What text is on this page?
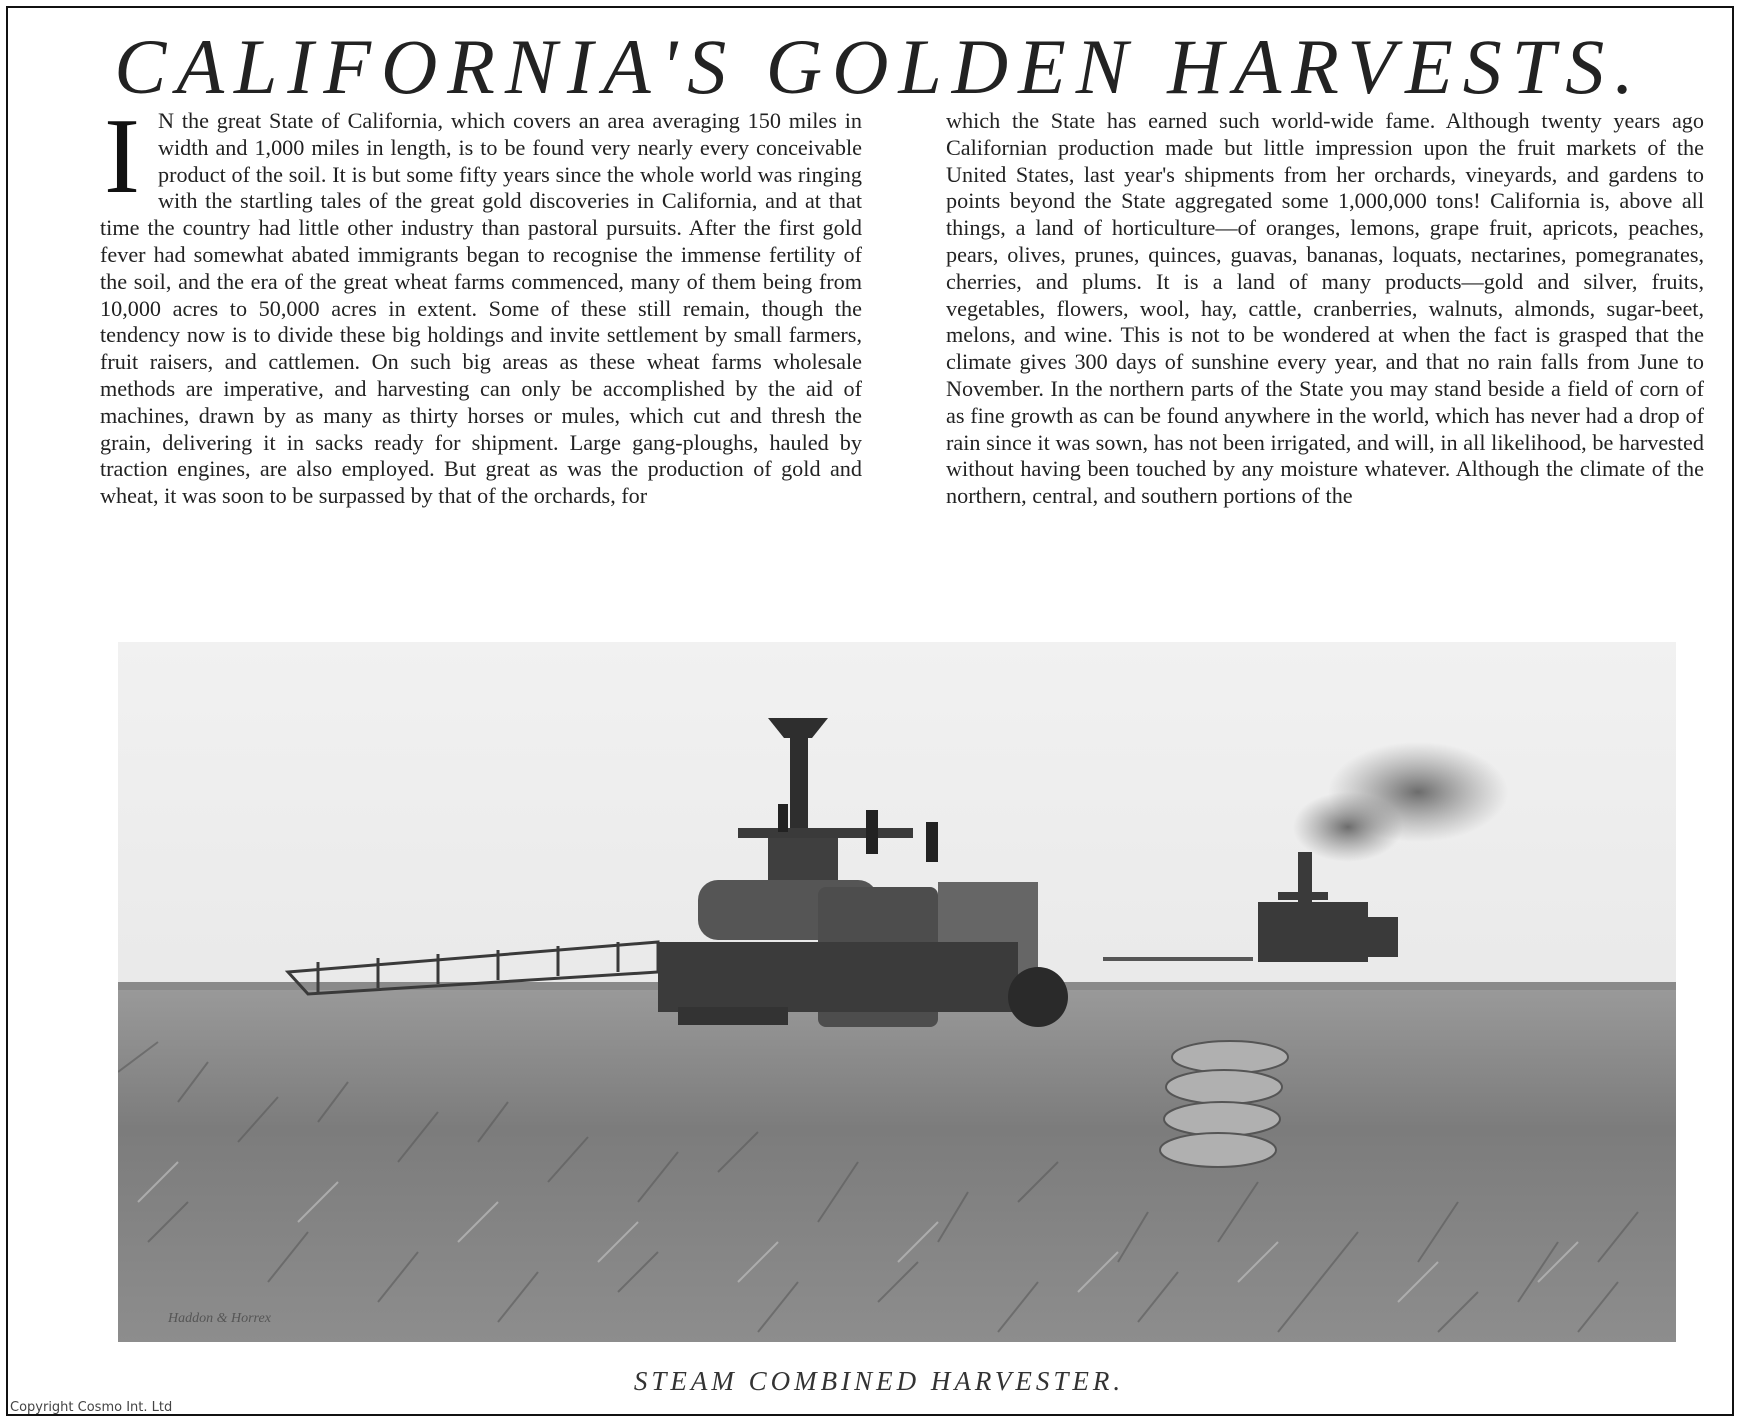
CALIFORNIA'S GOLDEN HARVESTS.
I N the great State of California, which covers an area averaging 150 miles in width and 1,000 miles in length, is to be found very nearly every conceivable product of the soil. It is but some fifty years since the whole world was ringing with the startling tales of the great gold discoveries in California, and at that time the country had little other industry than pastoral pursuits. After the first gold fever had somewhat abated immigrants began to recognise the immense fertility of the soil, and the era of the great wheat farms commenced, many of them being from 10,000 acres to 50,000 acres in extent. Some of these still remain, though the tendency now is to divide these big holdings and invite settlement by small farmers, fruit raisers, and cattlemen. On such big areas as these wheat farms wholesale methods are imperative, and harvesting can only be accomplished by the aid of machines, drawn by as many as thirty horses or mules, which cut and thresh the grain, delivering it in sacks ready for shipment. Large gang-ploughs, hauled by traction engines, are also employed. But great as was the production of gold and wheat, it was soon to be surpassed by that of the orchards, for
which the State has earned such world-wide fame. Although twenty years ago Californian production made but little impression upon the fruit markets of the United States, last year's shipments from her orchards, vineyards, and gardens to points beyond the State aggregated some 1,000,000 tons! California is, above all things, a land of horticulture—of oranges, lemons, grape fruit, apricots, peaches, pears, olives, prunes, quinces, guavas, bananas, loquats, nectarines, pomegranates, cherries, and plums. It is a land of many products—gold and silver, fruits, vegetables, flowers, wool, hay, cattle, cranberries, walnuts, almonds, sugar-beet, melons, and wine. This is not to be wondered at when the fact is grasped that the climate gives 300 days of sunshine every year, and that no rain falls from June to November. In the northern parts of the State you may stand beside a field of corn of as fine growth as can be found anywhere in the world, which has never had a drop of rain since it was sown, has not been irrigated, and will, in all likelihood, be harvested without having been touched by any moisture whatever. Although the climate of the northern, central, and southern portions of the
Haddon & Horrex

STEAM COMBINED HARVESTER.

Copyright Cosmo Int. Ltd
